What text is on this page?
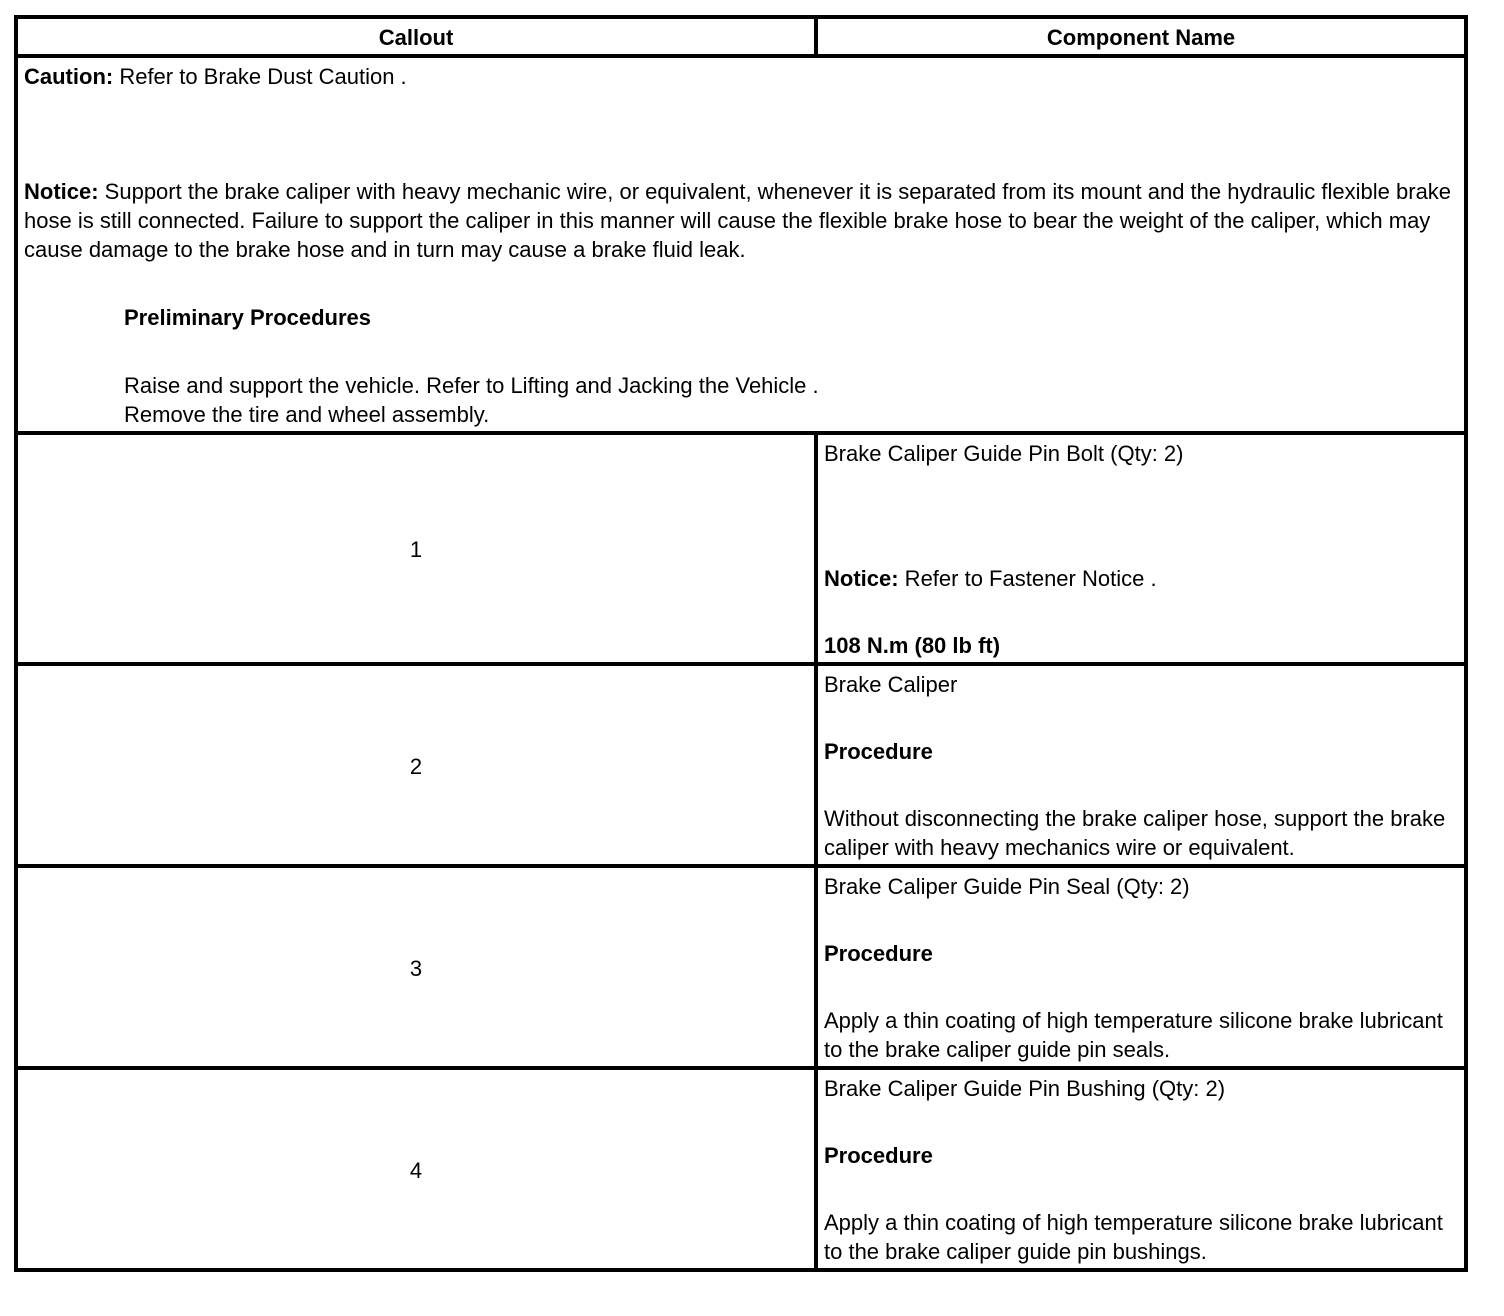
Callout	Component Name

Caution: Refer to Brake Dust Caution .
Notice: Support the brake caliper with heavy mechanic wire, or equivalent, whenever it is separated from its mount and the hydraulic flexible brake hose is still connected. Failure to support the caliper in this manner will cause the flexible brake hose to bear the weight of the caliper, which may cause damage to the brake hose and in turn may cause a brake fluid leak.
Preliminary Procedures
Raise and support the vehicle. Refer to Lifting and Jacking the Vehicle .
Remove the tire and wheel assembly.	

1	Brake Caliper Guide Pin Bolt (Qty: 2)
Notice: Refer to Fastener Notice .
108 N.m (80 lb ft)

2	Brake Caliper
Procedure
Without disconnecting the brake caliper hose, support the brake caliper with heavy mechanics wire or equivalent.

3	Brake Caliper Guide Pin Seal (Qty: 2)
Procedure
Apply a thin coating of high temperature silicone brake lubricant to the brake caliper guide pin seals.

4	Brake Caliper Guide Pin Bushing (Qty: 2)
Procedure
Apply a thin coating of high temperature silicone brake lubricant to the brake caliper guide pin bushings.
